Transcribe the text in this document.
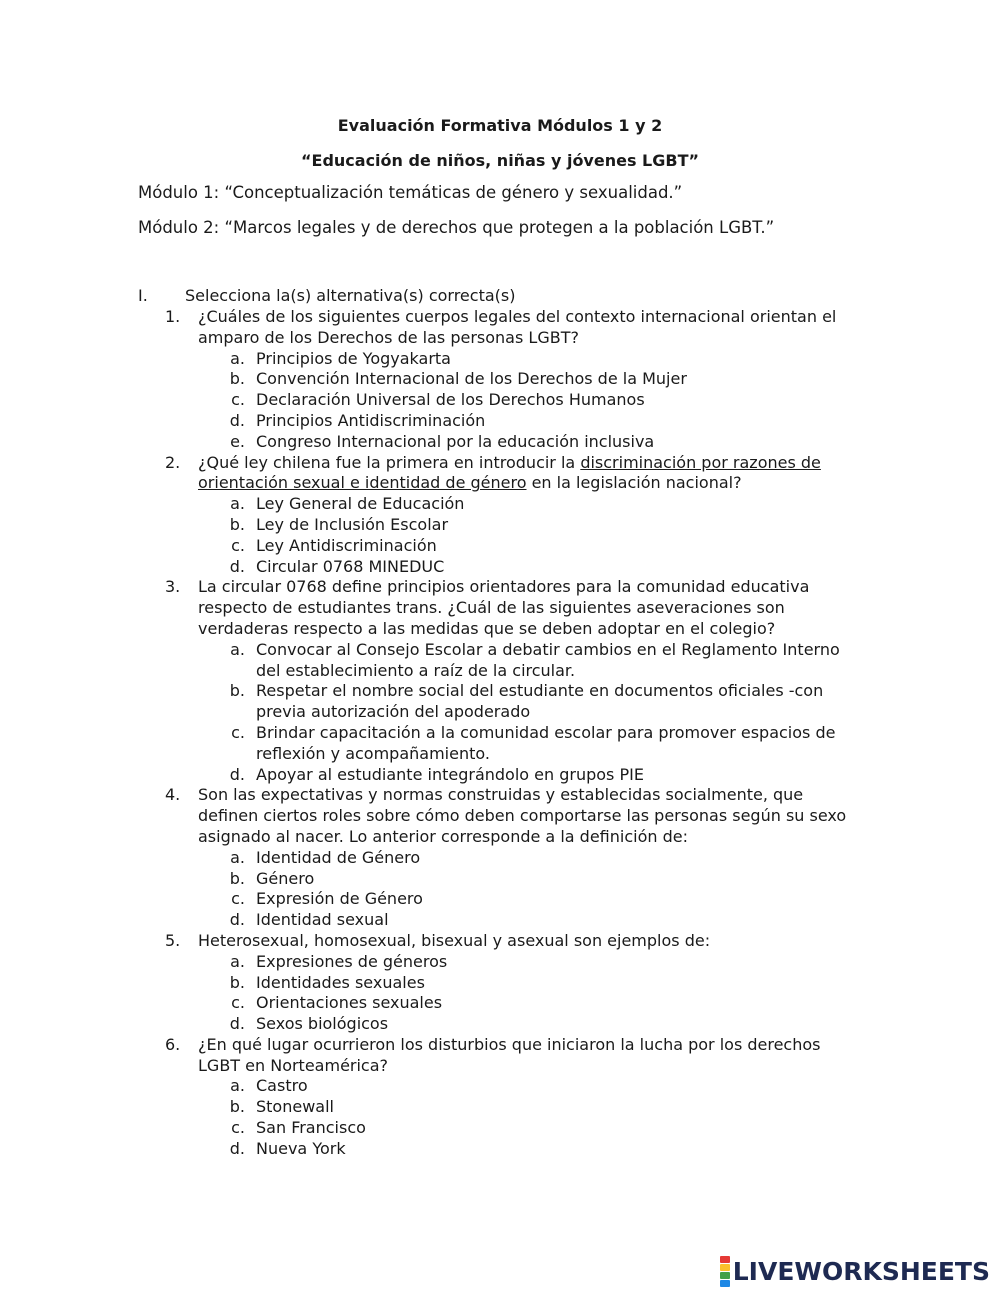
Evaluación Formativa Módulos 1 y 2
“Educación de niños, niñas y jóvenes LGBT”
Módulo 1: “Conceptualización temáticas de género y sexualidad.”
Módulo 2: “Marcos legales y de derechos que protegen a la población LGBT.”
I. Selecciona la(s) alternativa(s) correcta(s)
1.	¿Cuáles de los siguientes cuerpos legales del contexto internacional orientan el amparo de los Derechos de las personas LGBT?
a. Principios de Yogyakarta
b. Convención Internacional de los Derechos de la Mujer
c. Declaración Universal de los Derechos Humanos
d. Principios Antidiscriminación
e. Congreso Internacional por la educación inclusiva
2.	¿Qué ley chilena fue la primera en introducir la discriminación por razones de orientación sexual e identidad de género en la legislación nacional?
a. Ley General de Educación
b. Ley de Inclusión Escolar
c. Ley Antidiscriminación
d. Circular 0768 MINEDUC
3.	La circular 0768 define principios orientadores para la comunidad educativa respecto de estudiantes trans. ¿Cuál de las siguientes aseveraciones son verdaderas respecto a las medidas que se deben adoptar en el colegio?
a. Convocar al Consejo Escolar a debatir cambios en el Reglamento Interno del establecimiento a raíz de la circular.
b. Respetar el nombre social del estudiante en documentos oficiales -con previa autorización del apoderado
c. Brindar capacitación a la comunidad escolar para promover espacios de reflexión y acompañamiento.
d. Apoyar al estudiante integrándolo en grupos PIE
4.	Son las expectativas y normas construidas y establecidas socialmente, que definen ciertos roles sobre cómo deben comportarse las personas según su sexo asignado al nacer. Lo anterior corresponde a la definición de:
a. Identidad de Género
b. Género
c. Expresión de Género
d. Identidad sexual
5.	Heterosexual, homosexual, bisexual y asexual son ejemplos de:
a. Expresiones de géneros
b. Identidades sexuales
c. Orientaciones sexuales
d. Sexos biológicos
6.	¿En qué lugar ocurrieron los disturbios que iniciaron la lucha por los derechos LGBT en Norteamérica?
a. Castro
b. Stonewall
c. San Francisco
d. Nueva York
LIVEWORKSHEETS
